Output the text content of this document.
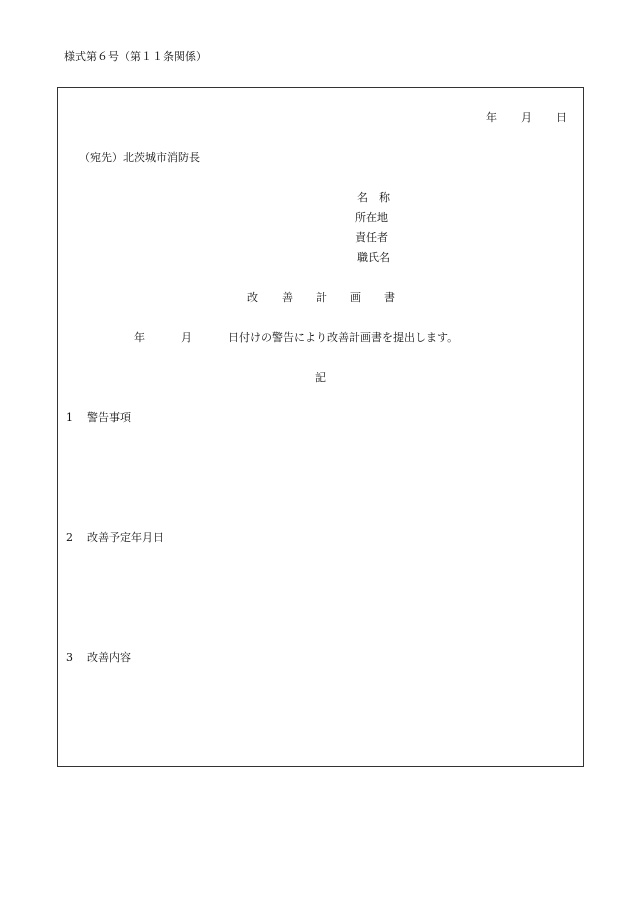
様式第６号（第１１条関係）
年 月 日
（宛先）北茨城市消防長
名　称
所在地
責任者
職氏名
改 善 計 画 書
年	月	日付けの警告により改善計画書を提出します。
記
1 警告事項
2 改善予定年月日
3 改善内容
